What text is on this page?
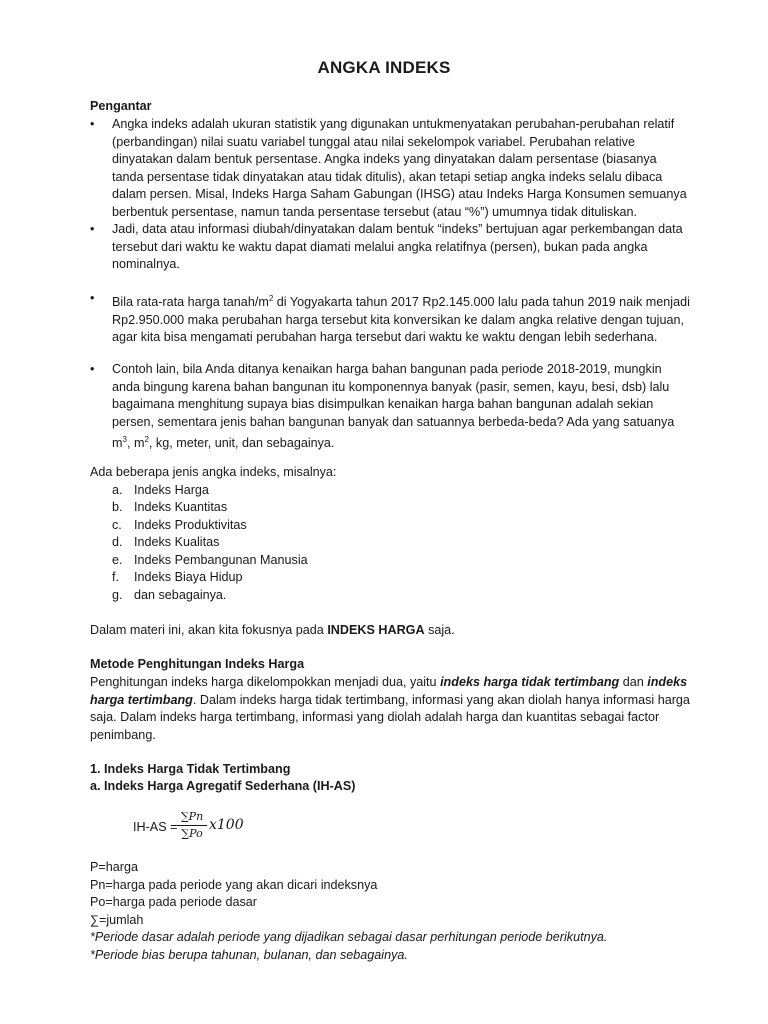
ANGKA INDEKS
Pengantar
• Angka indeks adalah ukuran statistik yang digunakan untukmenyatakan perubahan-perubahan relatif (perbandingan) nilai suatu variabel tunggal atau nilai sekelompok variabel. Perubahan relative dinyatakan dalam bentuk persentase. Angka indeks yang dinyatakan dalam persentase (biasanya tanda persentase tidak dinyatakan atau tidak ditulis), akan tetapi setiap angka indeks selalu dibaca dalam persen. Misal, Indeks Harga Saham Gabungan (IHSG) atau Indeks Harga Konsumen semuanya berbentuk persentase, namun tanda persentase tersebut (atau “%”) umumnya tidak dituliskan.
• Jadi, data atau informasi diubah/dinyatakan dalam bentuk “indeks” bertujuan agar perkembangan data tersebut dari waktu ke waktu dapat diamati melalui angka relatifnya (persen), bukan pada angka nominalnya.
• Bila rata-rata harga tanah/$m^2$ di Yogyakarta tahun 2017 Rp2.145.000 lalu pada tahun 2019 naik menjadi Rp2.950.000 maka perubahan harga tersebut kita konversikan ke dalam angka relative dengan tujuan, agar kita bisa mengamati perubahan harga tersebut dari waktu ke waktu dengan lebih sederhana.
• Contoh lain, bila Anda ditanya kenaikan harga bahan bangunan pada periode 2018-2019, mungkin anda bingung karena bahan bangunan itu komponennya banyak (pasir, semen, kayu, besi, dsb) lalu bagaimana menghitung supaya bias disimpulkan kenaikan harga bahan bangunan adalah sekian persen, sementara jenis bahan bangunan banyak dan satuannya berbeda-beda? Ada yang satuanya $m^3$, $m^2$, kg, meter, unit, dan sebagainya.
Ada beberapa jenis angka indeks, misalnya:
a. Indeks Harga
b. Indeks Kuantitas
c. Indeks Produktivitas
d. Indeks Kualitas
e. Indeks Pembangunan Manusia
f. Indeks Biaya Hidup
g. dan sebagainya.
Dalam materi ini, akan kita fokusnya pada INDEKS HARGA saja.
Metode Penghitungan Indeks Harga
Penghitungan indeks harga dikelompokkan menjadi dua, yaitu indeks harga tidak tertimbang dan indeks harga tertimbang. Dalam indeks harga tidak tertimbang, informasi yang akan diolah hanya informasi harga saja. Dalam indeks harga tertimbang, informasi yang diolah adalah harga dan kuantitas sebagai factor penimbang.
1. Indeks Harga Tidak Tertimbang
a. Indeks Harga Agregatif Sederhana (IH-AS)
$IH-AS = \frac{\sum Pn}{\sum Po} x100$
P=harga
Pn=harga pada periode yang akan dicari indeksnya
Po=harga pada periode dasar
∑=jumlah
*Periode dasar adalah periode yang dijadikan sebagai dasar perhitungan periode berikutnya.
*Periode bias berupa tahunan, bulanan, dan sebagainya.
